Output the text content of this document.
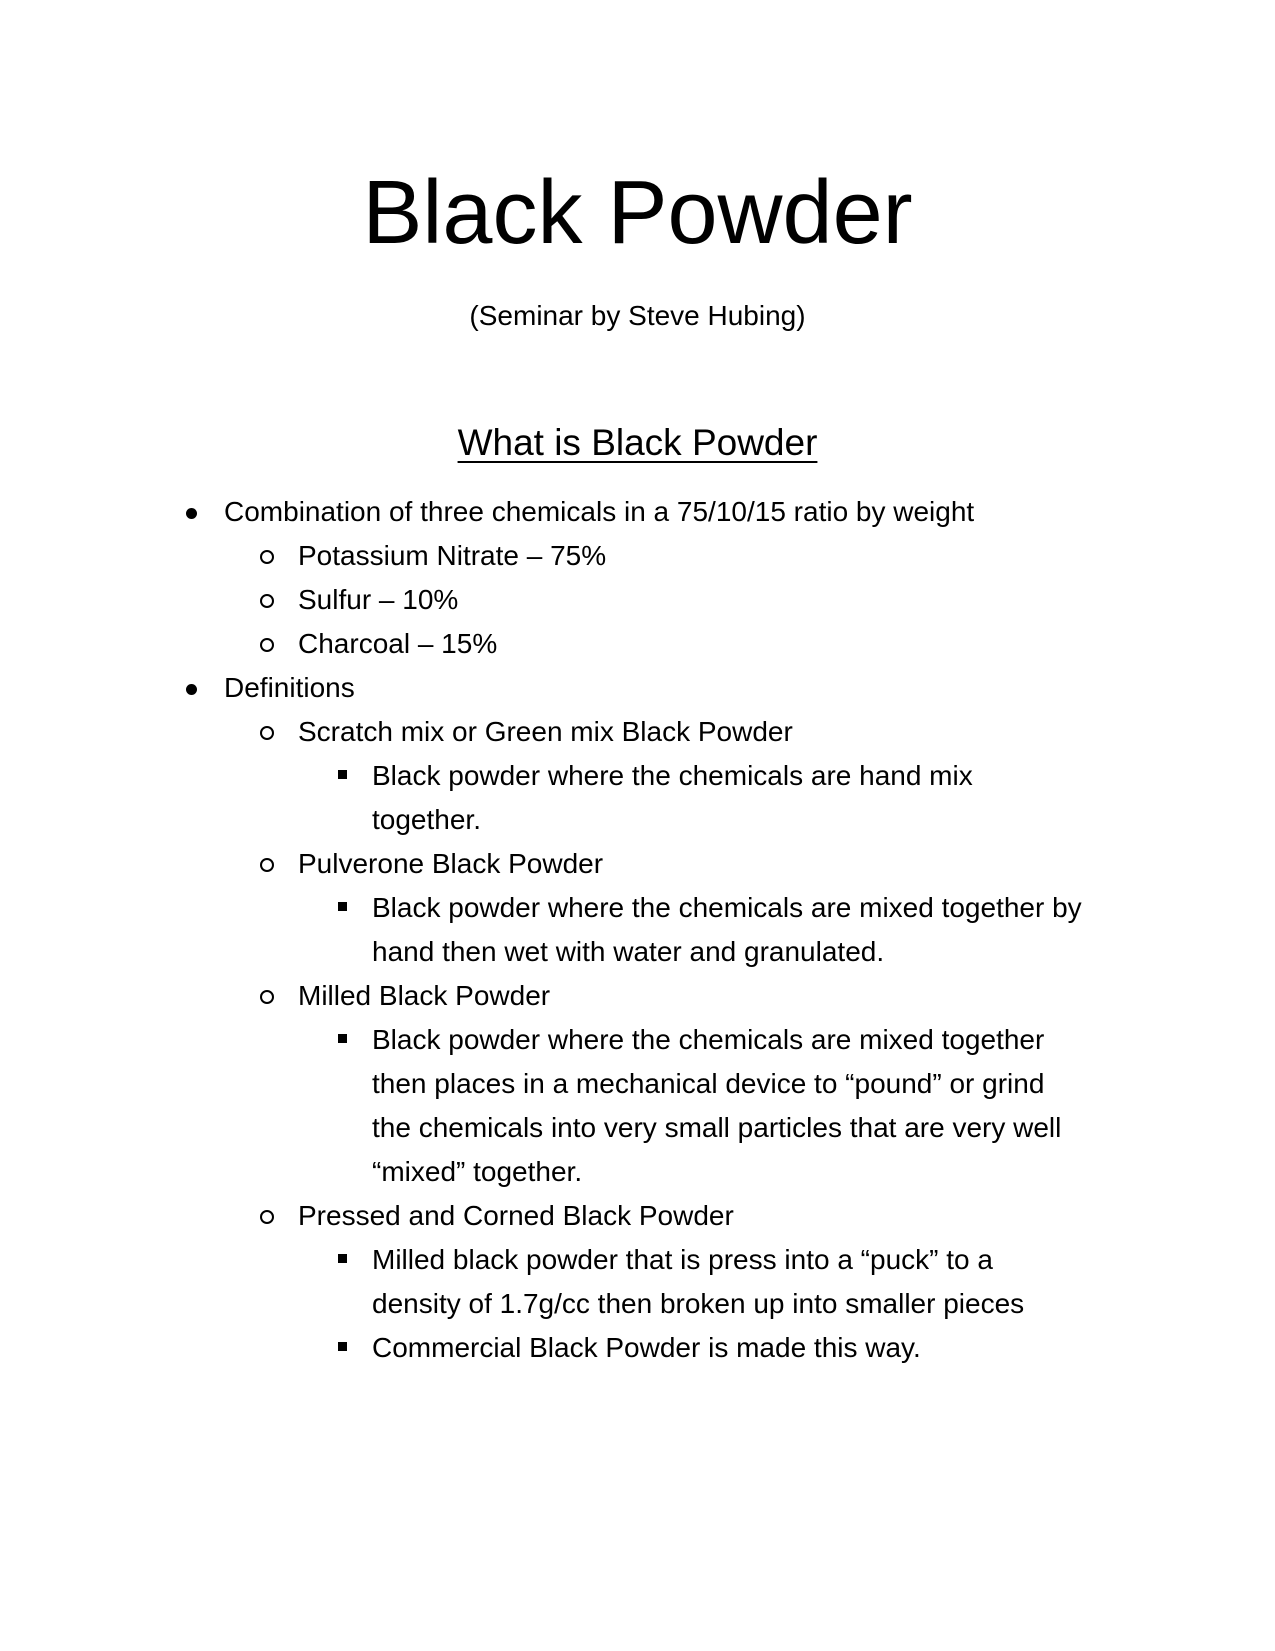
Black Powder
(Seminar by Steve Hubing)
What is Black Powder
Combination of three chemicals in a 75/10/15 ratio by weight
Potassium Nitrate – 75%
Sulfur – 10%
Charcoal – 15%
Definitions
Scratch mix or Green mix Black Powder
Black powder where the chemicals are hand mix together.
Pulverone Black Powder
Black powder where the chemicals are mixed together by hand then wet with water and granulated.
Milled Black Powder
Black powder where the chemicals are mixed together then places in a mechanical device to “pound” or grind the chemicals into very small particles that are very well “mixed” together.
Pressed and Corned Black Powder
Milled black powder that is press into a “puck” to a density of 1.7g/cc then broken up into smaller pieces
Commercial Black Powder is made this way.
